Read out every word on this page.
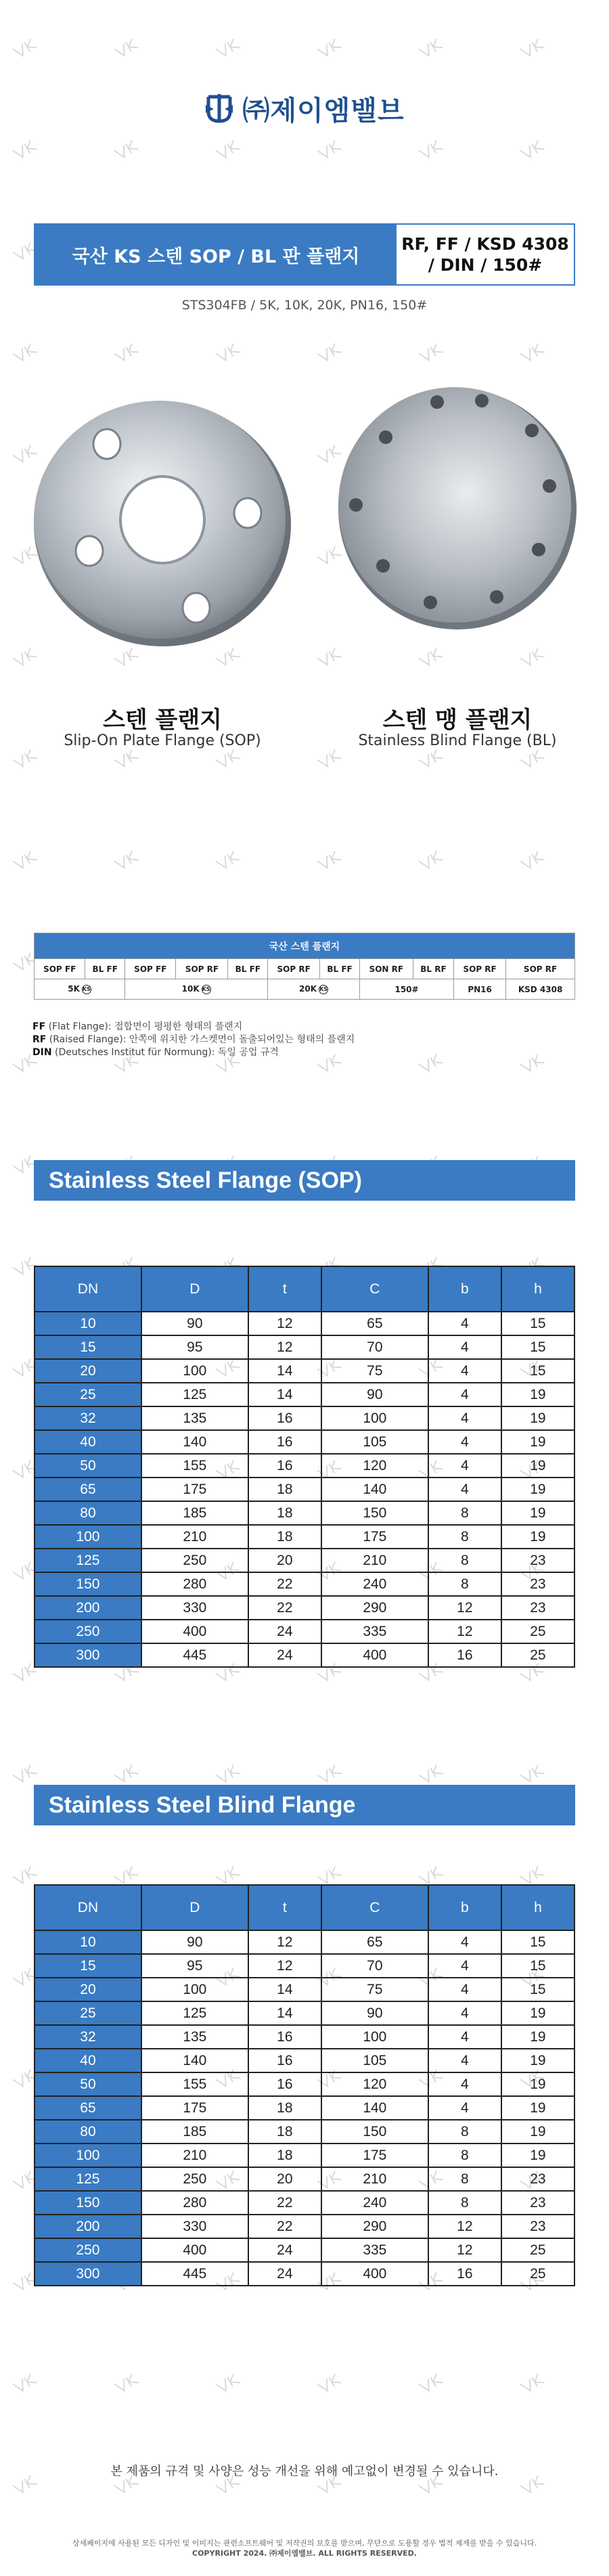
㈜제이엠밸브
국산 KS 스텐 SOP / BL 판 플랜지
RF, FF / KSD 4308 / DIN / 150#
STS304FB / 5K, 10K, 20K, PN16, 150#
스텐 플랜지
Slip-On Plate Flange (SOP)
스텐 맹 플랜지
Stainless Blind Flange (BL)
국산 스텐 플랜지										
SOP FF	BL FF	SOP FF	SOP RF	BL FF	SOP RF	BL FF	SON RF	BL RF	SOP RF	SOP RF
5K KS		10K KS			20K KS		150#		PN16	KSD 4308
FF (Flat Flange): 접합면이 평평한 형태의 플랜지
RF (Raised Flange): 안쪽에 위치한 가스켓면이 돌출되어있는 형태의 플랜지
DIN (Deutsches Institut für Normung): 독일 공업 규격
Stainless Steel Flange (SOP)
DN	D	t	C	b	h
10	90	12	65	4	15
15	95	12	70	4	15
20	100	14	75	4	15
25	125	14	90	4	19
32	135	16	100	4	19
40	140	16	105	4	19
50	155	16	120	4	19
65	175	18	140	4	19
80	185	18	150	8	19
100	210	18	175	8	19
125	250	20	210	8	23
150	280	22	240	8	23
200	330	22	290	12	23
250	400	24	335	12	25
300	445	24	400	16	25
Stainless Steel Blind Flange
DN	D	t	C	b	h
10	90	12	65	4	15
15	95	12	70	4	15
20	100	14	75	4	15
25	125	14	90	4	19
32	135	16	100	4	19
40	140	16	105	4	19
50	155	16	120	4	19
65	175	18	140	4	19
80	185	18	150	8	19
100	210	18	175	8	19
125	250	20	210	8	23
150	280	22	240	8	23
200	330	22	290	12	23
250	400	24	335	12	25
300	445	24	400	16	25
본 제품의 규격 및 사양은 성능 개선을 위해 예고없이 변경될 수 있습니다.
상세페이지에 사용된 모든 디자인 및 이미지는 관련소프트웨어 및 저작권의 보호를 받으며, 무단으로 도용할 경우 법적 제재를 받을 수 있습니다.
COPYRIGHT 2024. ㈜제이엠밸브. ALL RIGHTS RESERVED.
